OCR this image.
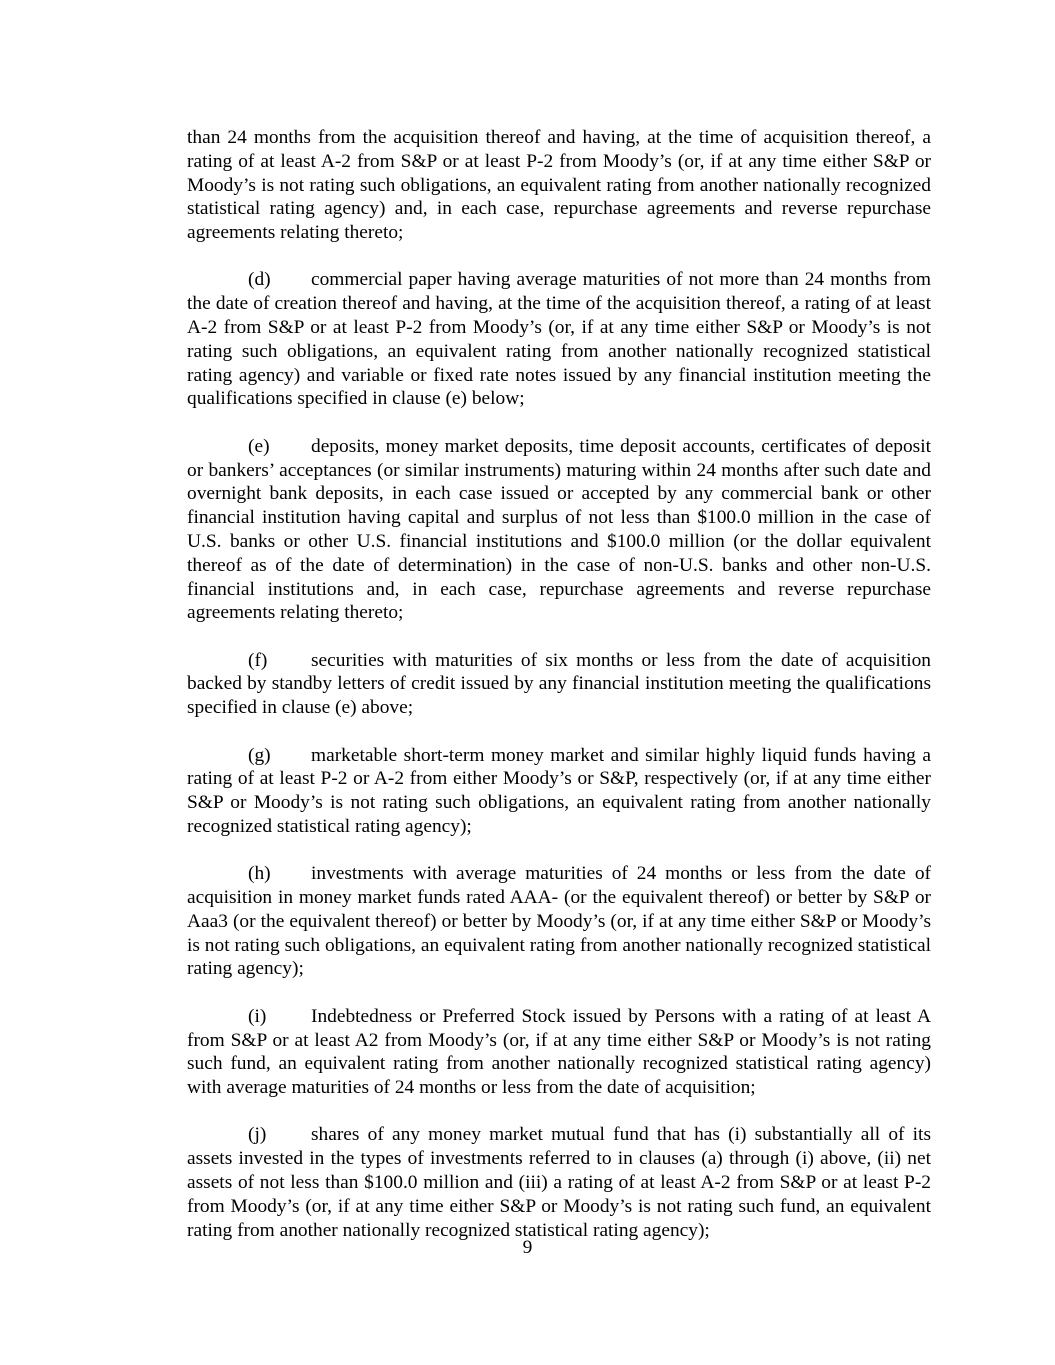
than 24 months from the acquisition thereof and having, at the time of acquisition thereof, a rating of at least A-2 from S&P or at least P-2 from Moody’s (or, if at any time either S&P or Moody’s is not rating such obligations, an equivalent rating from another nationally recognized statistical rating agency) and, in each case, repurchase agreements and reverse repurchase agreements relating thereto;

(d) commercial paper having average maturities of not more than 24 months from the date of creation thereof and having, at the time of the acquisition thereof, a rating of at least A-2 from S&P or at least P-2 from Moody’s (or, if at any time either S&P or Moody’s is not rating such obligations, an equivalent rating from another nationally recognized statistical rating agency) and variable or fixed rate notes issued by any financial institution meeting the qualifications specified in clause (e) below;

(e) deposits, money market deposits, time deposit accounts, certificates of deposit or bankers’ acceptances (or similar instruments) maturing within 24 months after such date and overnight bank deposits, in each case issued or accepted by any commercial bank or other financial institution having capital and surplus of not less than $100.0 million in the case of U.S. banks or other U.S. financial institutions and $100.0 million (or the dollar equivalent thereof as of the date of determination) in the case of non-U.S. banks and other non-U.S. financial institutions and, in each case, repurchase agreements and reverse repurchase agreements relating thereto;

(f) securities with maturities of six months or less from the date of acquisition backed by standby letters of credit issued by any financial institution meeting the qualifications specified in clause (e) above;

(g) marketable short-term money market and similar highly liquid funds having a rating of at least P-2 or A-2 from either Moody’s or S&P, respectively (or, if at any time either S&P or Moody’s is not rating such obligations, an equivalent rating from another nationally recognized statistical rating agency);

(h) investments with average maturities of 24 months or less from the date of acquisition in money market funds rated AAA- (or the equivalent thereof) or better by S&P or Aaa3 (or the equivalent thereof) or better by Moody’s (or, if at any time either S&P or Moody’s is not rating such obligations, an equivalent rating from another nationally recognized statistical rating agency);

(i) Indebtedness or Preferred Stock issued by Persons with a rating of at least A from S&P or at least A2 from Moody’s (or, if at any time either S&P or Moody’s is not rating such fund, an equivalent rating from another nationally recognized statistical rating agency) with average maturities of 24 months or less from the date of acquisition;

(j) shares of any money market mutual fund that has (i) substantially all of its assets invested in the types of investments referred to in clauses (a) through (i) above, (ii) net assets of not less than $100.0 million and (iii) a rating of at least A-2 from S&P or at least P-2 from Moody’s (or, if at any time either S&P or Moody’s is not rating such fund, an equivalent rating from another nationally recognized statistical rating agency);

9
